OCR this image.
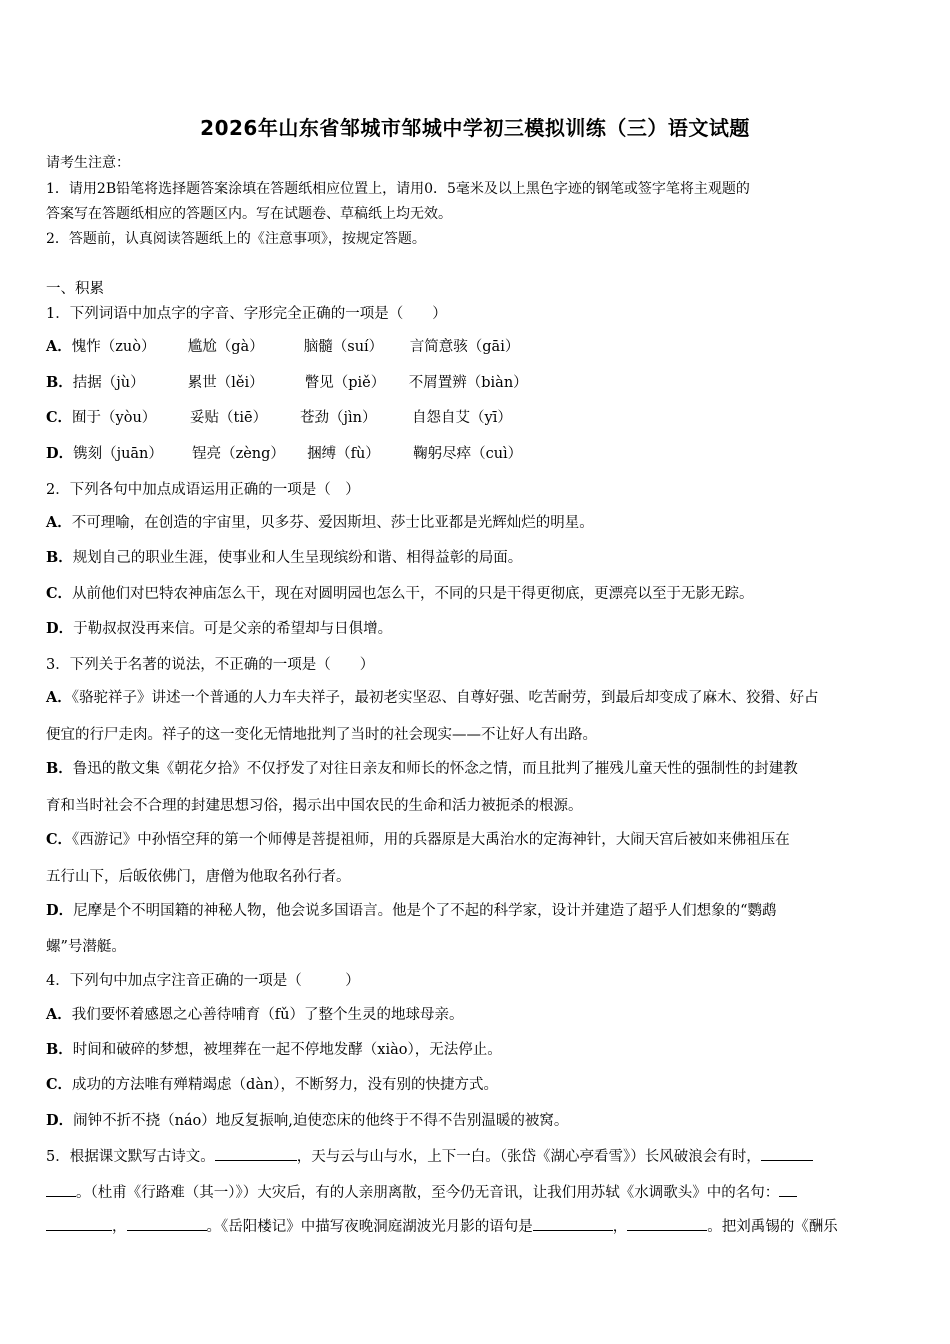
2026年山东省邹城市邹城中学初三模拟训练（三）语文试题
请考生注意：
1．请用2B铅笔将选择题答案涂填在答题纸相应位置上，请用0．5毫米及以上黑色字迹的钢笔或签字笔将主观题的
答案写在答题纸相应的答题区内。写在试题卷、草稿纸上均无效。
2．答题前，认真阅读答题纸上的《注意事项》，按规定答题。
一、积累
1．下列词语中加点字的字音、字形完全正确的一项是（　　）
A．愧怍（zuò） 尴尬（gà）	脑髓（suí） 言简意骇（gāi）
B．拮据（jù）	累世（lěi）	瞥见（piě） 不屑置辨（biàn）
C．囿于（yòu） 妥贴（tiē） 苍劲（jìn） 自怨自艾（yī）
D．镌刻（juān） 锃亮（zèng） 捆缚（fù） 鞠躬尽瘁（cuì）
2．下列各句中加点成语运用正确的一项是（　）
A．不可理喻，在创造的宇宙里，贝多芬、爱因斯坦、莎士比亚都是光辉灿烂的明星。
B．规划自己的职业生涯，使事业和人生呈现缤纷和谐、相得益彰的局面。
C．从前他们对巴特农神庙怎么干，现在对圆明园也怎么干，不同的只是干得更彻底，更漂亮以至于无影无踪。
D．于勒叔叔没再来信。可是父亲的希望却与日俱增。
3．下列关于名著的说法，不正确的一项是（　　）
A．《骆驼祥子》讲述一个普通的人力车夫祥子，最初老实坚忍、自尊好强、吃苦耐劳，到最后却变成了麻木、狡猾、好占
便宜的行尸走肉。祥子的这一变化无情地批判了当时的社会现实——不让好人有出路。
B．鲁迅的散文集《朝花夕拾》不仅抒发了对往日亲友和师长的怀念之情，而且批判了摧残儿童天性的强制性的封建教
育和当时社会不合理的封建思想习俗，揭示出中国农民的生命和活力被扼杀的根源。
C．《西游记》中孙悟空拜的第一个师傅是菩提祖师，用的兵器原是大禹治水的定海神针，大闹天宫后被如来佛祖压在
五行山下，后皈依佛门，唐僧为他取名孙行者。
D．尼摩是个不明国籍的神秘人物，他会说多国语言。他是个了不起的科学家，设计并建造了超乎人们想象的“鹦鹉
螺”号潜艇。
4．下列句中加点字注音正确的一项是（　　　）
A．我们要怀着感恩之心善待哺育（fǔ）了整个生灵的地球母亲。
B．时间和破碎的梦想，被埋葬在一起不停地发酵（xiào），无法停止。
C．成功的方法唯有殚精竭虑（dàn），不断努力，没有别的快捷方式。
D．闹钟不折不挠（náo）地反复振响,迫使恋床的他终于不得不告别温暖的被窝。
5．根据课文默写古诗文。	，天与云与山与水，上下一白。（张岱《湖心亭看雪》）长风破浪会有时，
。（杜甫《行路难（其一）》）大灾后，有的人亲朋离散，至今仍无音讯，让我们用苏轼《水调歌头》中的名句：
，	。《岳阳楼记》中描写夜晚洞庭湖波光月影的语句是	，	。把刘禹锡的《酬乐
